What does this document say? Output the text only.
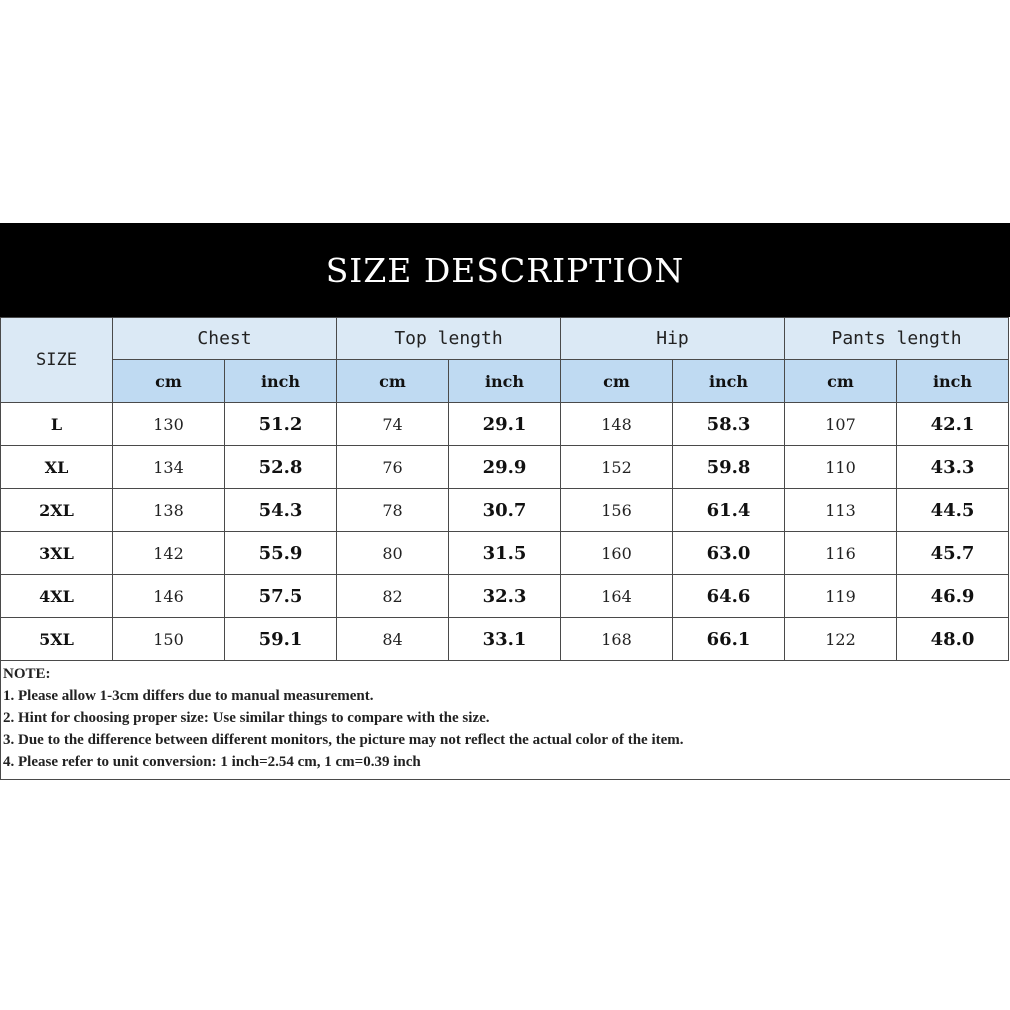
SIZE DESCRIPTION
SIZE	Chest		Top length		Hip		Pants length	
	cm	inch	cm	inch	cm	inch	cm	inch
L	130	51.2	74	29.1	148	58.3	107	42.1
XL	134	52.8	76	29.9	152	59.8	110	43.3
2XL	138	54.3	78	30.7	156	61.4	113	44.5
3XL	142	55.9	80	31.5	160	63.0	116	45.7
4XL	146	57.5	82	32.3	164	64.6	119	46.9
5XL	150	59.1	84	33.1	168	66.1	122	48.0
NOTE:
1. Please allow 1-3cm differs due to manual measurement.
2. Hint for choosing proper size: Use similar things to compare with the size.
3. Due to the difference between different monitors, the picture may not reflect the actual color of the item.
4. Please refer to unit conversion: 1 inch=2.54 cm, 1 cm=0.39 inch
